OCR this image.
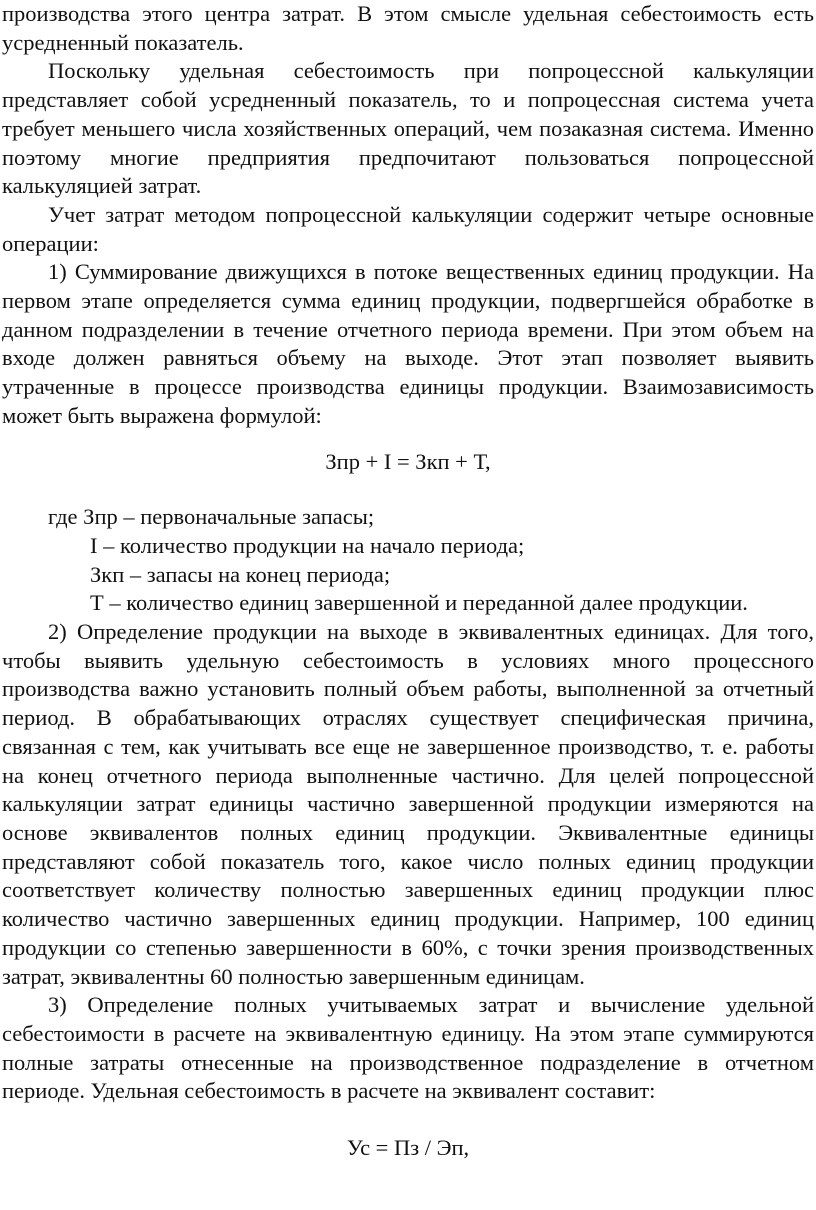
производства этого центра затрат. В этом смысле удельная себестоимость есть усредненный показатель.

Поскольку удельная себестоимость при попроцессной калькуляции представляет собой усредненный показатель, то и попроцессная система учета требует меньшего числа хозяйственных операций, чем позаказная система. Именно поэтому многие предприятия предпочитают пользоваться попроцессной калькуляцией затрат.

Учет затрат методом попроцессной калькуляции содержит четыре основные операции:

1) Суммирование движущихся в потоке вещественных единиц продукции. На первом этапе определяется сумма единиц продукции, подвергшейся обработке в данном подразделении в течение отчетного периода времени. При этом объем на входе должен равняться объему на выходе. Этот этап позволяет выявить утраченные в процессе производства единицы продукции. Взаимозависимость может быть выражена формулой:

Зпр + I = Зкп + Т,

где Зпр – первоначальные запасы;

I – количество продукции на начало периода;

Зкп – запасы на конец периода;

Т – количество единиц завершенной и переданной далее продукции.

2) Определение продукции на выходе в эквивалентных единицах. Для того, чтобы выявить удельную себестоимость в условиях много процессного производства важно установить полный объем работы, выполненной за отчетный период. В обрабатывающих отраслях существует специфическая причина, связанная с тем, как учитывать все еще не завершенное производство, т. е. работы на конец отчетного периода выполненные частично. Для целей попроцессной калькуляции затрат единицы частично завершенной продукции измеряются на основе эквивалентов полных единиц продукции. Эквивалентные единицы представляют собой показатель того, какое число полных единиц продукции соответствует количеству полностью завершенных единиц продукции плюс количество частично завершенных единиц продукции. Например, 100 единиц продукции со степенью завершенности в 60%, с точки зрения производственных затрат, эквивалентны 60 полностью завершенным единицам.

3) Определение полных учитываемых затрат и вычисление удельной себестоимости в расчете на эквивалентную единицу. На этом этапе суммируются полные затраты отнесенные на производственное подразделение в отчетном периоде. Удельная себестоимость в расчете на эквивалент составит:

Ус = Пз / Эп,
